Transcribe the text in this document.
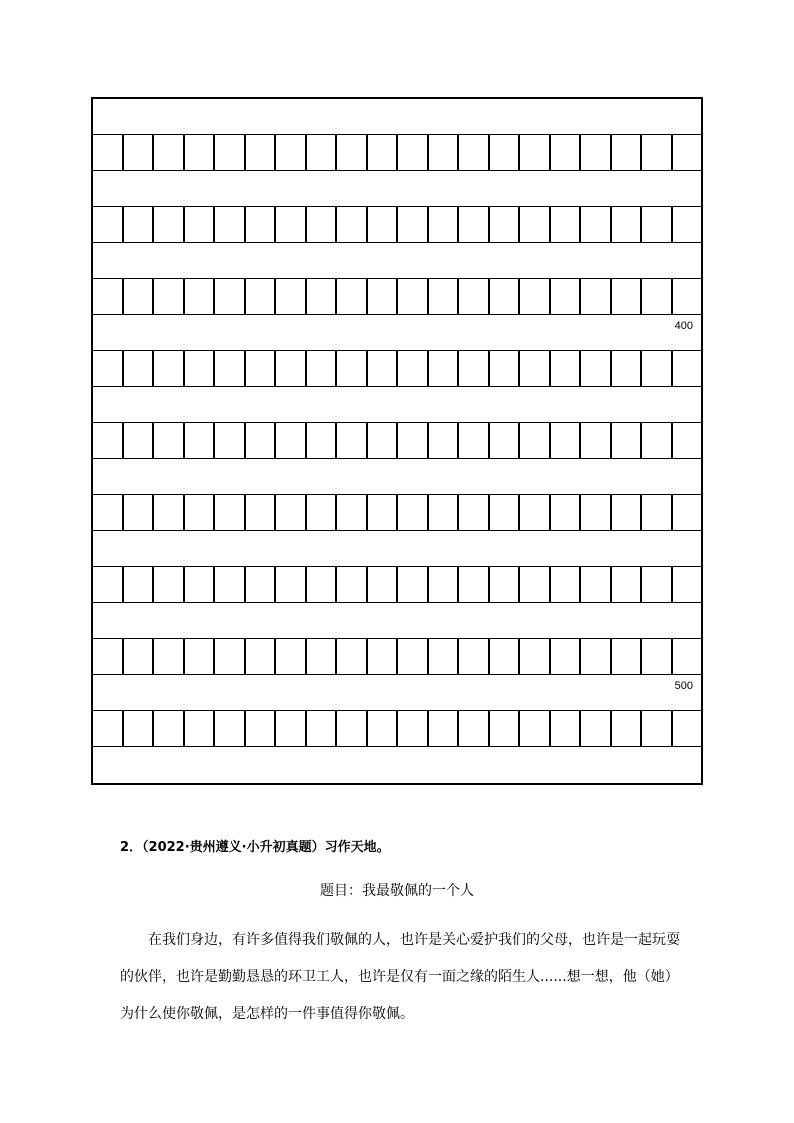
400
500
2．（2022·贵州遵义·小升初真题）习作天地。
题目：我最敬佩的一个人

在我们身边，有许多值得我们敬佩的人，也许是关心爱护我们的父母，也许是一起玩耍的伙伴，也许是勤勤恳恳的环卫工人，也许是仅有一面之缘的陌生人......想一想，他（她）为什么使你敬佩，是怎样的一件事值得你敬佩。
